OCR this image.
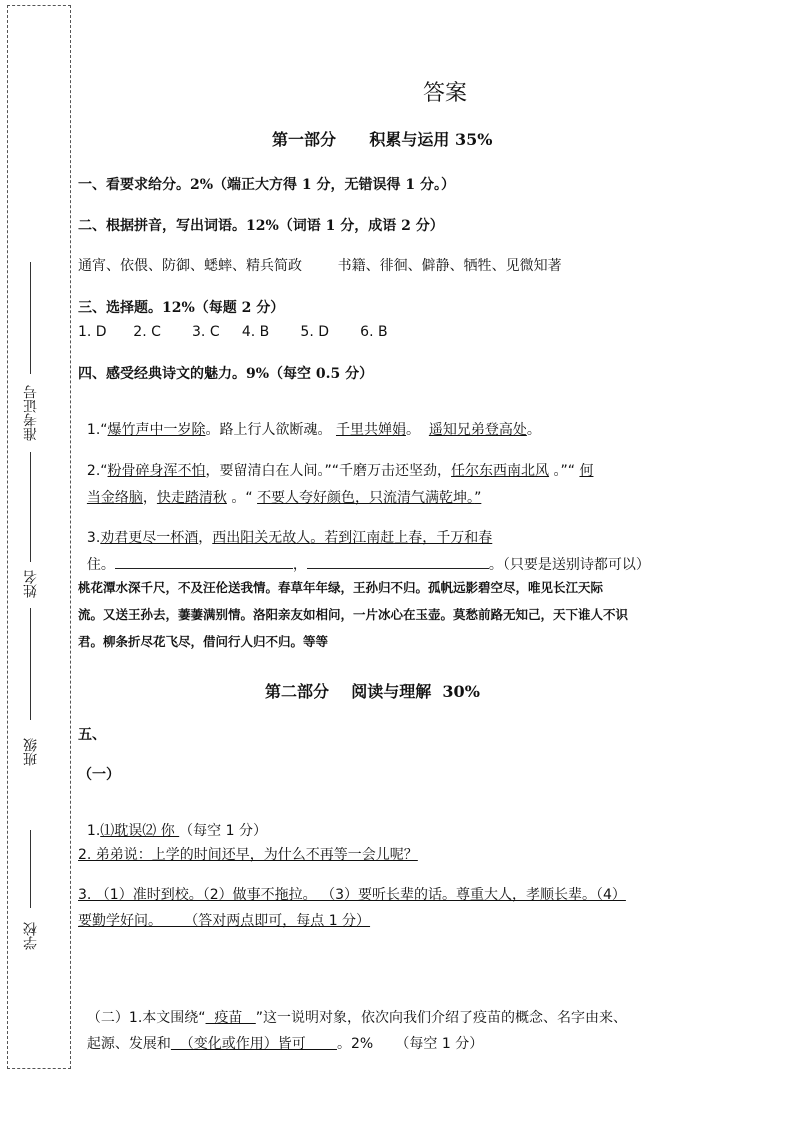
准考证号
姓名
班级
学校
答案
第一部分      积累与运用 35%
一、看要求给分。2%（端正大方得 1 分，无错误得 1 分。）
二、根据拼音，写出词语。12%（词语 1 分，成语 2 分）
通宵、依偎、防御、蟋蟀、精兵简政        书籍、徘徊、僻静、牺牲、见微知著
三、选择题。12%（每题 2 分）
1. D      2. C       3. C     4. B       5. D       6. B
四、感受经典诗文的魅力。9%（每空 0.5 分）

1.“爆竹声中一岁除。路上行人欲断魂。 千里共婵娟。  遥知兄弟登高处。

2.“粉骨碎身浑不怕，要留清白在人间。”“千磨万击还坚劲，任尔东西南北风 。”“ 何

当金络脑，快走踏清秋 。“ 不要人夸好颜色，只流清气满乾坤。”

3.劝君更尽一杯酒，西出阳关无故人。若到江南赶上春，千万和春

住。	，	。（只要是送别诗都可以）

桃花潭水深千尺，不及汪伦送我情。春草年年绿，王孙归不归。孤帆远影碧空尽，唯见长江天际
流。又送王孙去，萋萋满别情。洛阳亲友如相问，一片冰心在玉壶。莫愁前路无知己，天下谁人不识
君。柳条折尽花飞尽，借问行人归不归。等等
第二部分    阅读与理解  30%
五、
（一）

1.⑴耽误⑵ 你 （每空 1 分）

2. 弟弟说：上学的时间还早，为什么不再等一会儿呢？
3. （1）准时到校。（2）做事不拖拉。 （3）要听长辈的话。尊重大人，孝顺长辈。（4）
要勤学好问。     （答对两点即可，每点 1 分）

（二）1.本文围绕“  疫苗   ”这一说明对象，依次向我们介绍了疫苗的概念、名字由来、

起源、发展和  （变化或作用）皆可       。2%     （每空 1 分）
